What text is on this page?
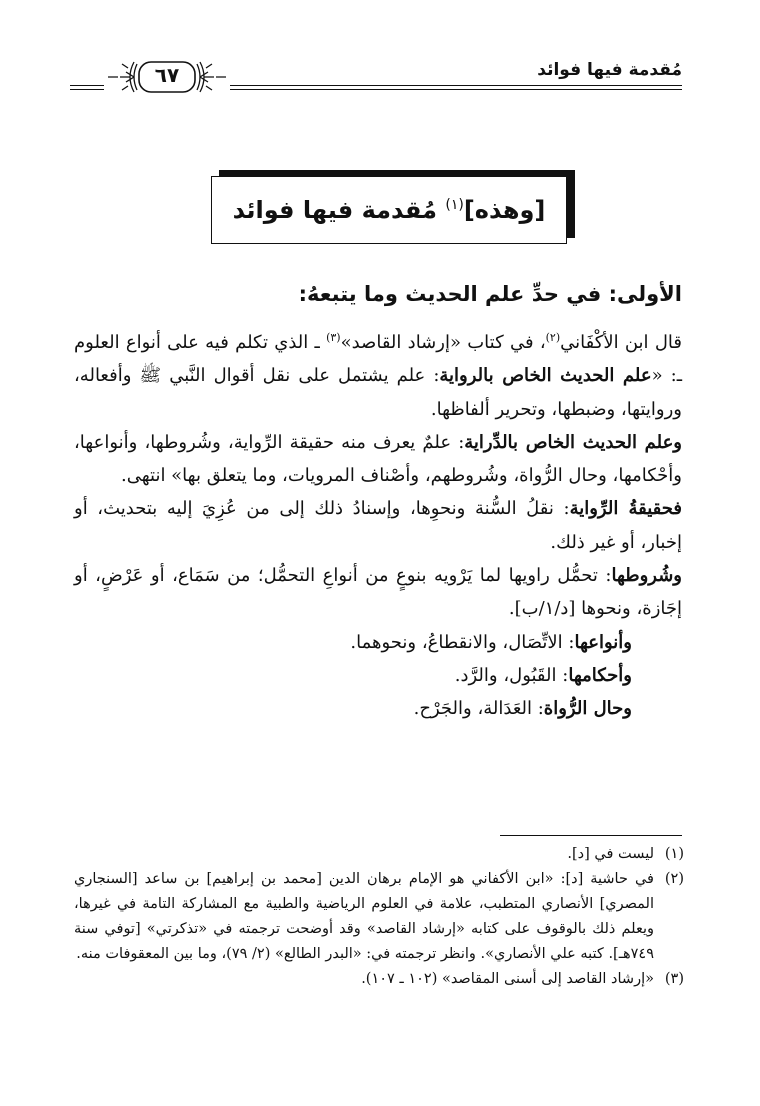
مُقدمة فيها فوائد
٦٧
[وهذه]$^{(١)}$ مُقدمة فيها فوائد
الأولى: في حدِّ علم الحديث وما يتبعهُ:

قال ابن الأكْفَاني$^{(٢)}$، في كتاب «إرشاد القاصد»$^{(٣)}$ ـ الذي تكلم فيه على أنواع العلوم ـ: «علم الحديث الخاص بالرواية: علم يشتمل على نقل أقوال النَّبي ﷺ وأفعاله، وروايتها، وضبطها، وتحرير ألفاظها.

وعلم الحديث الخاص بالدِّراية: علمٌ يعرف منه حقيقة الرِّواية، وشُروطها، وأنواعها، وأحْكامها، وحال الرُّواة، وشُروطهم، وأصْناف المرويات، وما يتعلق بها» انتهى.

فحقيقةُ الرِّواية: نقلُ السُّنة ونحوِها، وإسنادُ ذلك إلى من عُزِيَ إليه بتحديث، أو إخبار، أو غير ذلك.

وشُروطها: تحمُّل راويها لما يَرْويه بنوعٍ من أنواعِ التحمُّل؛ من سَمَاع، أو عَرْضٍ، أو إجَازة، ونحوها [د/١/ب].

وأنواعها: الاتِّصَال، والانقطاعُ، ونحوهما.

وأحكامها: القَبُول، والرَّد.

وحال الرُّواة: العَدَالة، والجَرْح.

(١)
ليست في [د].
(٢)
في حاشية [د]: «ابن الأكفاني هو الإمام برهان الدين [محمد بن إبراهيم] بن ساعد [السنجاري المصري] الأنصاري المتطبب، علامة في العلوم الرياضية والطبية مع المشاركة التامة في غيرها، ويعلم ذلك بالوقوف على كتابه «إرشاد القاصد» وقد أوضحت ترجمته في «تذكرتي» [توفي سنة ٧٤٩هـ]. كتبه علي الأنصاري». وانظر ترجمته في: «البدر الطالع» (٢/ ٧٩)، وما بين المعقوفات منه.
(٣)
«إرشاد القاصد إلى أسنى المقاصد» (١٠٢ ـ ١٠٧).
